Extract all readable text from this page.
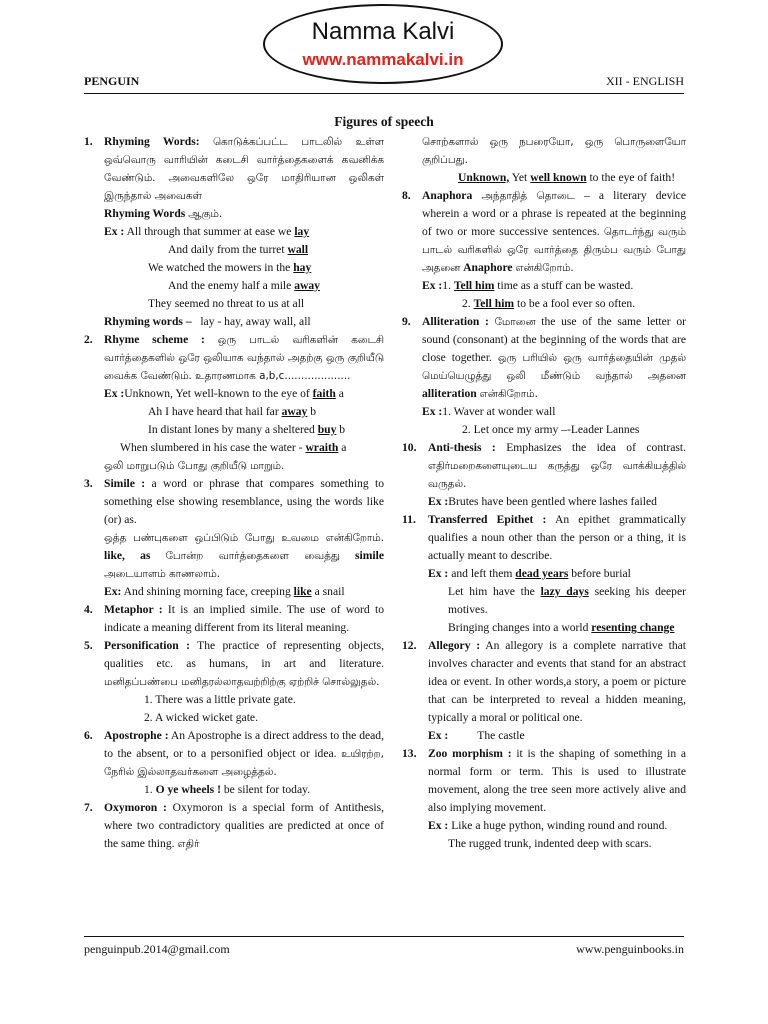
Namma Kalvi
www.nammakalvi.in
PENGUIN	XII - ENGLISH
Figures of speech
1. Rhyming Words: கொடுக்கப்பட்ட பாடலில் உள்ள ஒவ்வொரு வாரியின் கடைசி வார்த்தைகளைக் கவனிக்க வேண்டும். அவைகளிலே ஒரே மாதிரியான ஒலிகள் இருந்தால் அவைகள்
Rhyming Words ஆகும்.
Ex : All through that summer at ease we lay
And daily from the turret wall
We watched the mowers in the hay
And the enemy half a mile away
They seemed no threat to us at all
Rhyming words – lay - hay, away wall, all
2. Rhyme scheme : ஒரு பாடல் வரிகளின் கடைசி வார்த்தைகளில் ஒரே ஒலியாக வந்தால் அதற்கு ஒரு குறியீடு வைக்க வேண்டும். உதாரணமாக a,b,c....................
Ex :Unknown, Yet well-known to the eye of faith a
Ah I have heard that hail far away b
In distant lones by many a sheltered buy b
When slumbered in his case the water - wraith a
ஒலி மாறுபடும் போது குறியீடு மாறும்.
3. Simile : a word or phrase that compares something to something else showing resemblance, using the words like (or) as.
ஒத்த பண்புகளை ஒப்பிடும் போது உவமை என்கிறோம். like, as போன்ற வார்த்தைகளை வைத்து simile அடையாளம் காணலாம்.
Ex: And shining morning face, creeping like a snail
4. Metaphor : It is an implied simile. The use of word to indicate a meaning different from its literal meaning.
5. Personification : The practice of representing objects, qualities etc. as humans, in art and literature. மனிதப்பண்பை மனிதரல்லாதவற்றிற்கு ஏற்றிச் சொல்லுதல்.
1. There was a little private gate.
2. A wicked wicket gate.
6. Apostrophe : An Apostrophe is a direct address to the dead, to the absent, or to a personified object or idea. உயிரற்ற, நேரில் இல்லாதவர்களை அழைத்தல்.
1. O ye wheels ! be silent for today.
7. Oxymoron : Oxymoron is a special form of Antithesis, where two contradictory qualities are predicted at once of the same thing. எதிர்
சொற்களால் ஒரு நபரையோ, ஒரு பொருளையோ குறிப்பது.
Unknown, Yet well known to the eye of faith!
8. Anaphora அந்தாதித் தொடை – a literary device wherein a word or a phrase is repeated at the beginning of two or more successive sentences. தொடர்ந்து வரும் பாடல் வரிகளில் ஒரே வார்த்தை திரும்ப வரும் போது அதனை Anaphore என்கிறோம்.
Ex :1. Tell him time as a stuff can be wasted.
2. Tell him to be a fool ever so often.
9. Alliteration : மோனை the use of the same letter or sound (consonant) at the beginning of the words that are close together. ஒரு பரியில் ஒரு வார்த்தையின் முதல் மெய்யெழுத்து ஒலி மீண்டும் வந்தால் அதனை alliteration என்கிறோம்.
Ex :1. Waver at wonder wall
2. Let once my army –-Leader Lannes
10. Anti-thesis : Emphasizes the idea of contrast. எதிர்மறைகளையுடைய கருத்து ஒரே வாக்கியத்தில் வருதல்.
Ex :Brutes have been gentled where lashes failed
11. Transferred Epithet : An epithet grammatically qualifies a noun other than the person or a thing, it is actually meant to describe.
Ex : and left them dead years before burial
Let him have the lazy days seeking his deeper motives.
Bringing changes into a world resenting change
12. Allegory : An allegory is a complete narrative that involves character and events that stand for an abstract idea or event. In other words,a story, a poem or picture that can be interpreted to reveal a hidden meaning, typically a moral or political one.
Ex : The castle
13. Zoo morphism : it is the shaping of something in a normal form or term. This is used to illustrate movement, along the tree seen more actively alive and also implying movement.
Ex : Like a huge python, winding round and round.
The rugged trunk, indented deep with scars.
penguinpub.2014@gmail.com	www.penguinbooks.in
